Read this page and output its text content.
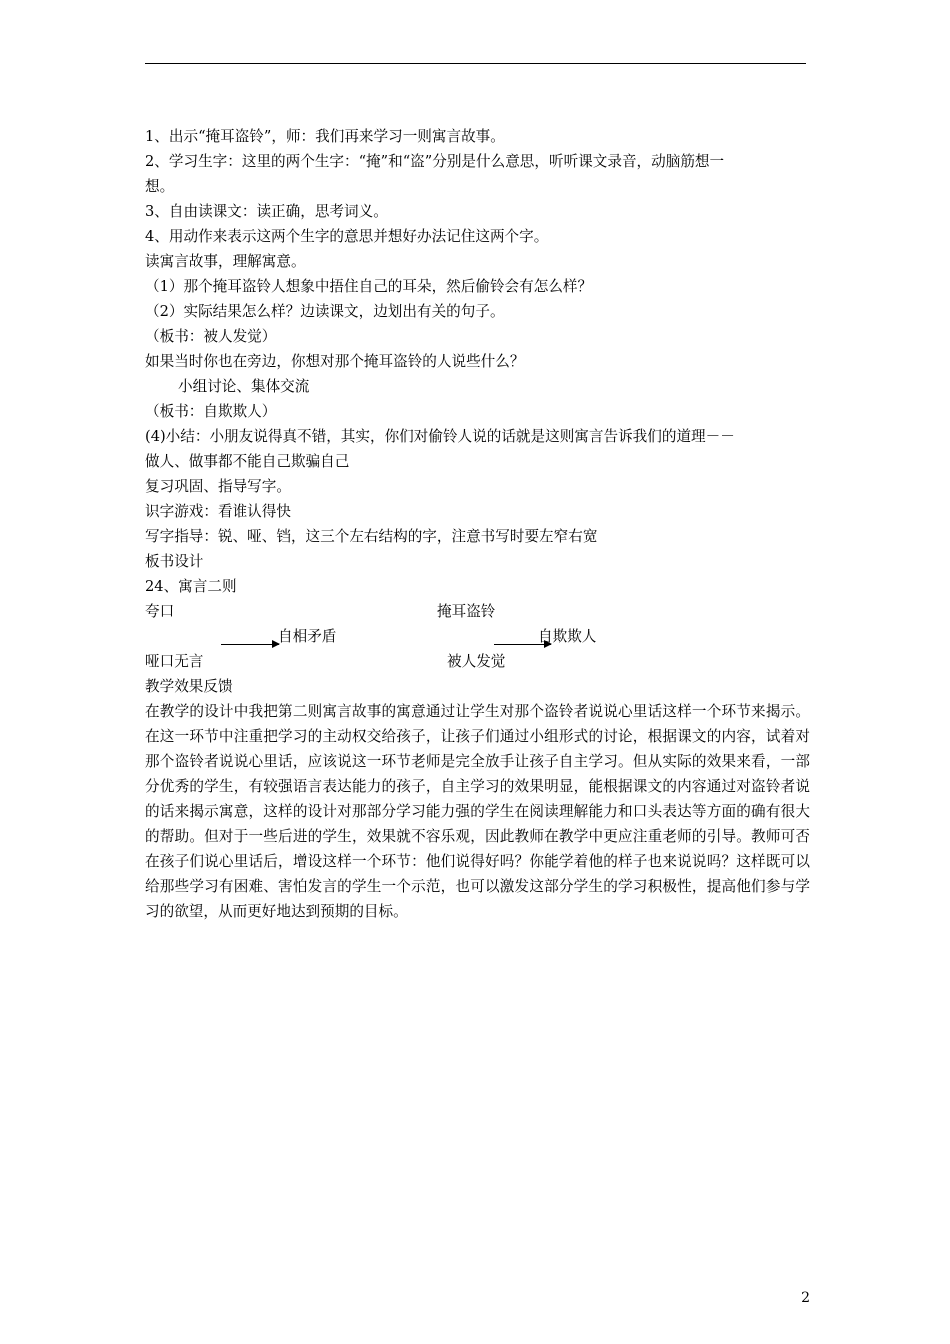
1、出示“掩耳盗铃”，师：我们再来学习一则寓言故事。
2、学习生字：这里的两个生字：“掩”和“盗”分别是什么意思，听听课文录音，动脑筋想一
想。
3、自由读课文：读正确，思考词义。
4、用动作来表示这两个生字的意思并想好办法记住这两个字。
读寓言故事，理解寓意。
（1）那个掩耳盗铃人想象中捂住自己的耳朵，然后偷铃会有怎么样？
（2）实际结果怎么样？边读课文，边划出有关的句子。
（板书：被人发觉）
如果当时你也在旁边，你想对那个掩耳盗铃的人说些什么？
小组讨论、集体交流
（板书：自欺欺人）
(4)小结：小朋友说得真不错，其实，你们对偷铃人说的话就是这则寓言告诉我们的道理－－
做人、做事都不能自己欺骗自己
复习巩固、指导写字。
识字游戏：看谁认得快
写字指导：锐、哑、铛，这三个左右结构的字，注意书写时要左窄右宽
板书设计
24、寓言二则
夸口
自相矛盾
哑口无言
掩耳盗铃
自欺欺人
被人发觉
教学效果反馈
在教学的设计中我把第二则寓言故事的寓意通过让学生对那个盗铃者说说心里话这样一个环节来揭示。在这一环节中注重把学习的主动权交给孩子，让孩子们通过小组形式的讨论，根据课文的内容，试着对那个盗铃者说说心里话，应该说这一环节老师是完全放手让孩子自主学习。但从实际的效果来看，一部分优秀的学生，有较强语言表达能力的孩子，自主学习的效果明显，能根据课文的内容通过对盗铃者说的话来揭示寓意，这样的设计对那部分学习能力强的学生在阅读理解能力和口头表达等方面的确有很大的帮助。但对于一些后进的学生，效果就不容乐观，因此教师在教学中更应注重老师的引导。教师可否在孩子们说心里话后，增设这样一个环节：他们说得好吗？你能学着他的样子也来说说吗？这样既可以给那些学习有困难、害怕发言的学生一个示范，也可以激发这部分学生的学习积极性，提高他们参与学习的欲望，从而更好地达到预期的目标。
2
